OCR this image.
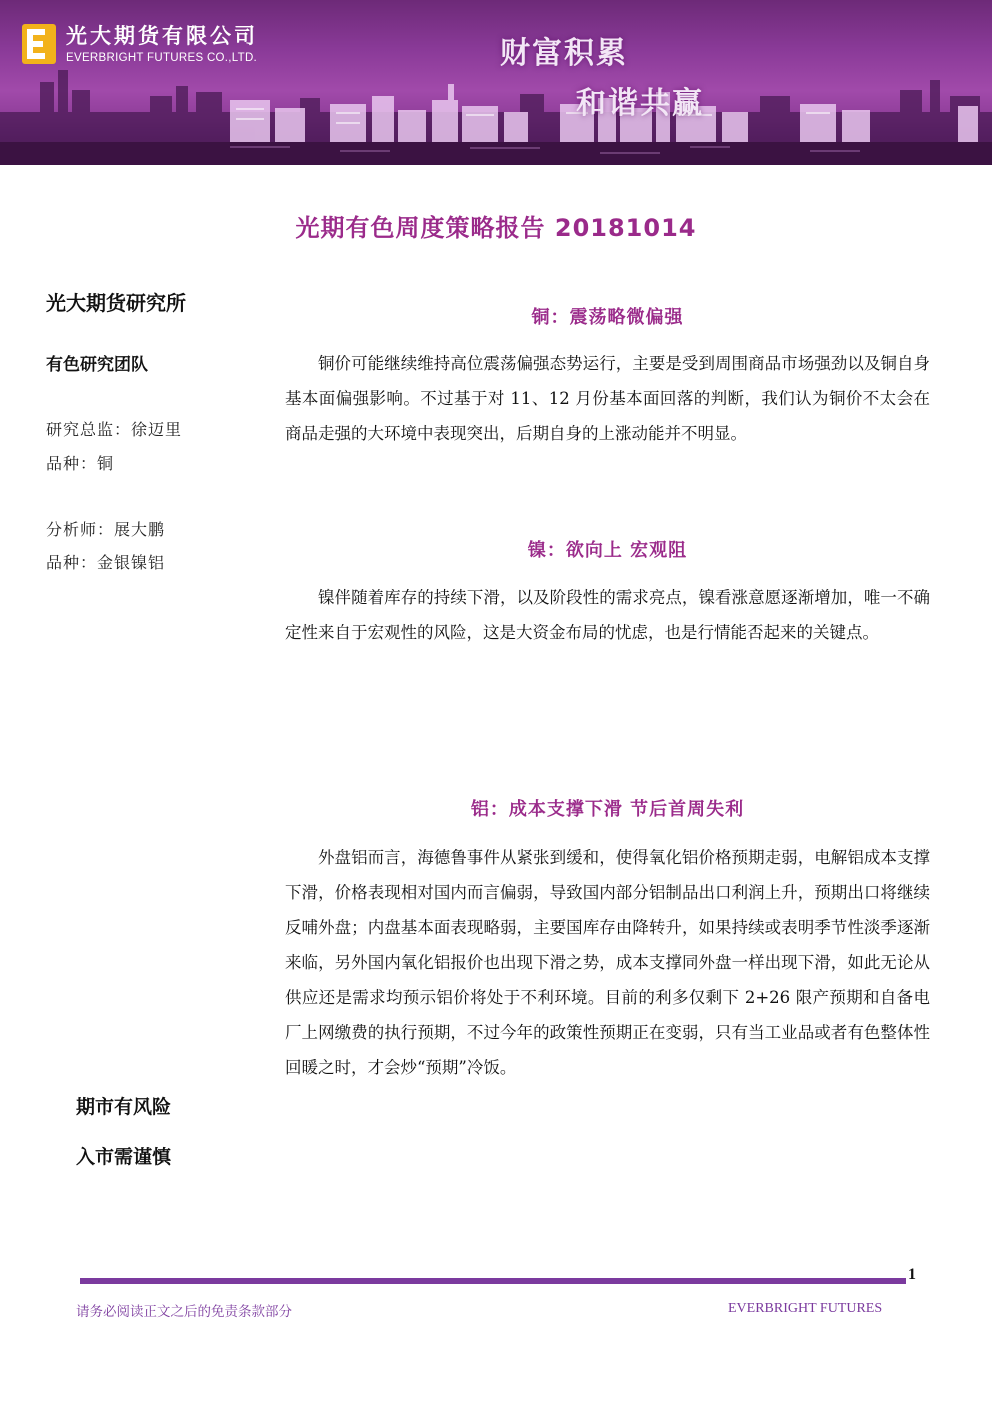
光大期货有限公司
EVERBRIGHT FUTURES CO.,LTD.	财富积累
和谐共赢
光期有色周度策略报告 20181014
光大期货研究所
有色研究团队
研究总监：徐迈里
品种：铜
分析师：展大鹏
品种：金银镍铝
期市有风险
入市需谨慎
铜：震荡略微偏强

铜价可能继续维持高位震荡偏强态势运行，主要是受到周围商品市场强劲以及铜自身基本面偏强影响。不过基于对 11、12 月份基本面回落的判断，我们认为铜价不太会在商品走强的大环境中表现突出，后期自身的上涨动能并不明显。

镍：欲向上 宏观阻

镍伴随着库存的持续下滑，以及阶段性的需求亮点，镍看涨意愿逐渐增加，唯一不确定性来自于宏观性的风险，这是大资金布局的忧虑，也是行情能否起来的关键点。

铝：成本支撑下滑 节后首周失利

外盘铝而言，海德鲁事件从紧张到缓和，使得氧化铝价格预期走弱，电解铝成本支撑下滑，价格表现相对国内而言偏弱，导致国内部分铝制品出口利润上升，预期出口将继续反哺外盘；内盘基本面表现略弱，主要国库存由降转升，如果持续或表明季节性淡季逐渐来临，另外国内氧化铝报价也出现下滑之势，成本支撑同外盘一样出现下滑，如此无论从供应还是需求均预示铝价将处于不利环境。目前的利多仅剩下 2+26 限产预期和自备电厂上网缴费的执行预期，不过今年的政策性预期正在变弱，只有当工业品或者有色整体性回暖之时，才会炒“预期”冷饭。

1
请务必阅读正文之后的免责条款部分	EVERBRIGHT FUTURES
